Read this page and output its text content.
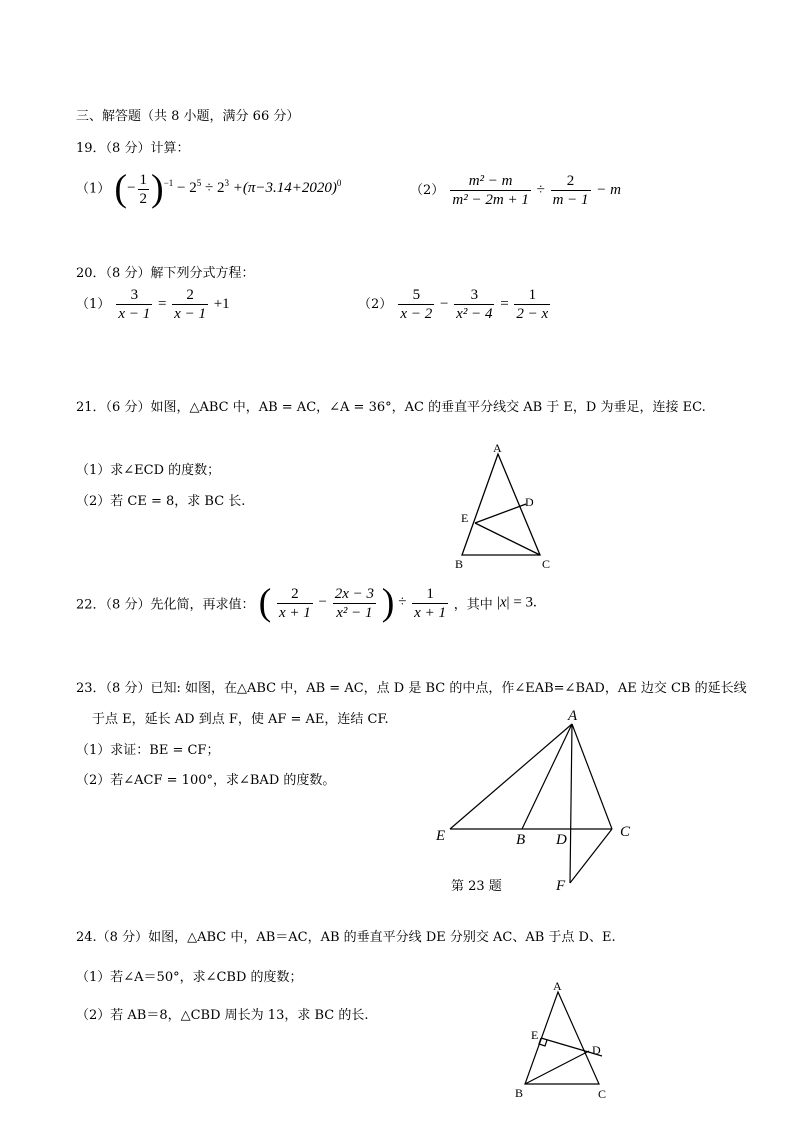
三、解答题（共 8 小题，满分 66 分）
19．（8 分）计算：
（1） (− $\frac{1}{2} )^{-1} - 2^5 \div 2^3 +(\pi-3.14+2020)^0$	$(2) \frac{\text{m² − m}}{\text{m² − 2m + 1}} \div \frac{2}{m - 1} - m$
20．（8 分）解下列分式方程：
$(1) \frac{3}{x - 1} = \frac{2}{x - 1} +1$	$(2) \frac{5}{x - 2} - \frac{3}{\text{x² − 4}} = \frac{1}{2 - x}$
21．（6 分）如图，△ABC 中，AB = AC，∠A = 36°，AC 的垂直平分线交 AB 于 E，D 为垂足，连接 EC.
（1）求∠ECD 的度数；
（2）若 CE = 8，求 BC 长.
A
B	C
D
E
22．（8 分）先化简，再求值： ( $\frac{2}{x + 1} - \frac{2x - 3}{\text{x² − 1}}$ ) ÷ $\frac{1}{x + 1}$ ，其中 |x| = 3.
23．（8 分）已知: 如图，在△ABC 中，AB = AC，点 D 是 BC 的中点，作∠EAB=∠BAD，AE 边交 CB 的延长线
于点 E，延长 AD 到点 F，使 AF = AE，连结 CF.
（1）求证：BE = CF；
（2）若∠ACF = 100°，求∠BAD 的度数。
A
E	B D	C
F
第 23 题
24.（8 分）如图，△ABC 中，AB＝AC，AB 的垂直平分线 DE 分别交 AC、AB 于点 D、E.
（1）若∠A＝50°，求∠CBD 的度数；
（2）若 AB＝8，△CBD 周长为 13，求 BC 的长.
A
E
D
B	C
